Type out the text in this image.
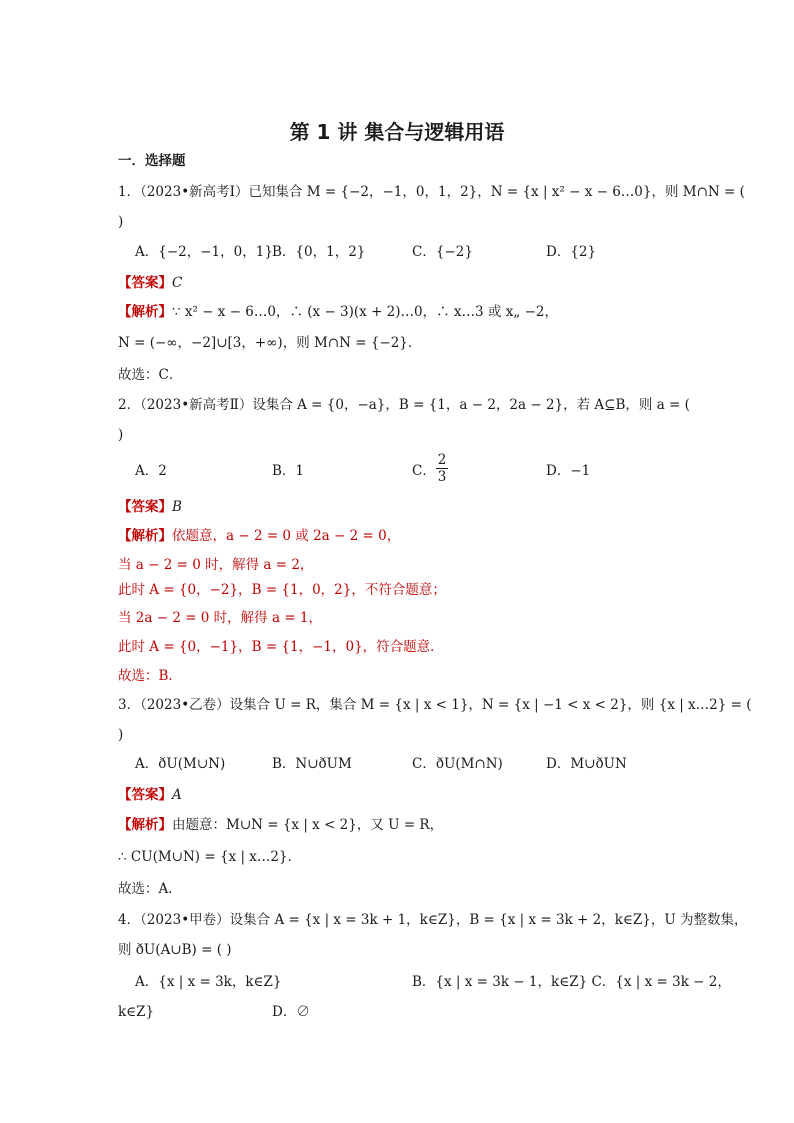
第 1 讲 集合与逻辑用语
一．选择题
1．（2023•新高考Ⅰ）已知集合 M = {−2，−1，0，1，2}，N = {x | x² − x − 6…0}，则 M∩N = (
)
A．{−2，−1，0，1} B．{0，1，2}	C．{−2}	D．{2}
【答案】C
【解析】∵ x² − x − 6…0，∴ (x − 3)(x + 2)…0，∴ x…3 或 x„ −2，
N = (−∞，−2]∪[3，+∞)，则 M∩N = {−2}．
故选：C．
2．（2023•新高考Ⅱ）设集合 A = {0，−a}，B = {1，a − 2，2a − 2}，若 A⊆B，则 a = (
)
A．2	B．1	C．
2
3	D．−1
【答案】B
【解析】依题意，a − 2 = 0 或 2a − 2 = 0，
当 a − 2 = 0 时，解得 a = 2，
此时 A = {0，−2}，B = {1，0，2}，不符合题意；
当 2a − 2 = 0 时，解得 a = 1，
此时 A = {0，−1}，B = {1，−1，0}，符合题意．
故选：B．
3．（2023•乙卷）设集合 U = R，集合 M = {x | x < 1}，N = {x | −1 < x < 2}，则 {x | x…2} = (
)
A．ðU(M∪N)	B．N∪ðUM	C．ðU(M∩N)	D．M∪ðUN
【答案】A
【解析】由题意：M∪N = {x | x < 2}，又 U = R，
∴ CU(M∪N) = {x | x…2}．
故选：A．
4．（2023•甲卷）设集合 A = {x | x = 3k + 1，k∈Z}，B = {x | x = 3k + 2，k∈Z}，U 为整数集，
则 ðU(A∪B) = ( )
A．{x | x = 3k，k∈Z}	B．{x | x = 3k − 1，k∈Z} C．{x | x = 3k − 2，
k∈Z}	D．∅
